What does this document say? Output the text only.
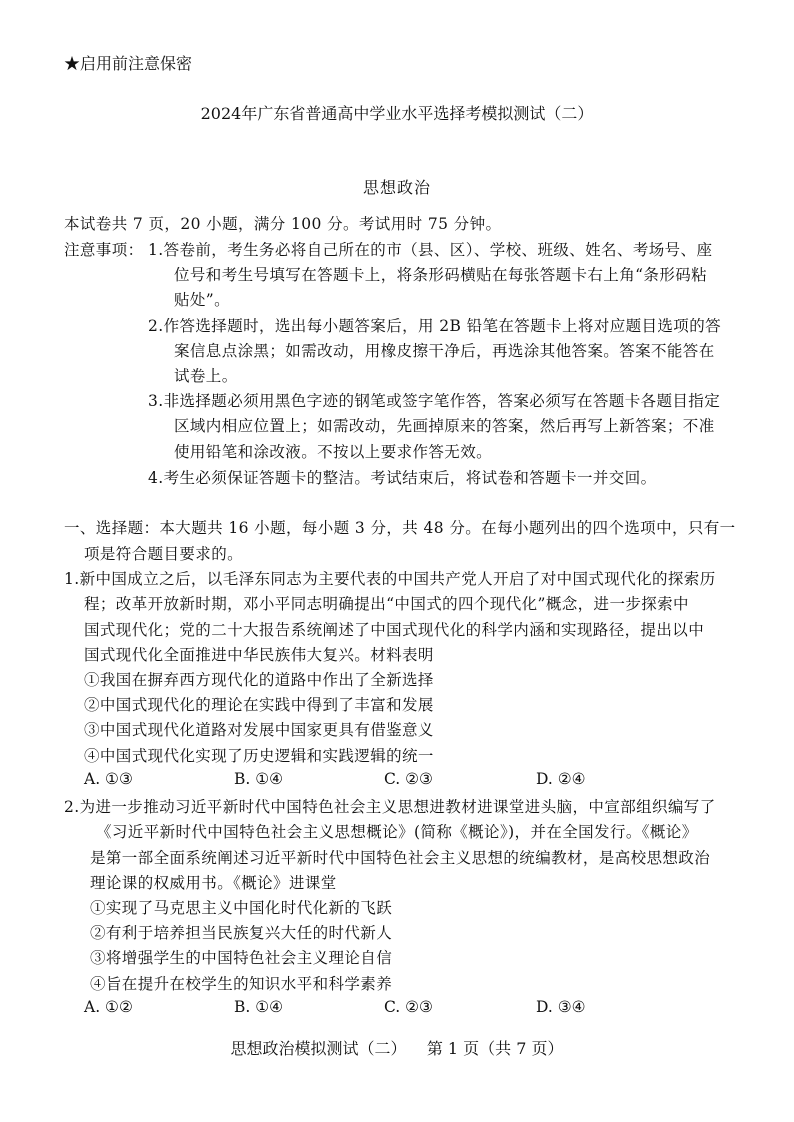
★启用前注意保密
2024年广东省普通高中学业水平选择考模拟测试（二）
思想政治
本试卷共 7 页，20 小题，满分 100 分。考试用时 75 分钟。
注意事项： 1.答卷前，考生务必将自己所在的市（县、区）、学校、班级、姓名、考场号、座
位号和考生号填写在答题卡上，将条形码横贴在每张答题卡右上角“条形码粘
贴处”。
2.作答选择题时，选出每小题答案后，用 2B 铅笔在答题卡上将对应题目选项的答
案信息点涂黑；如需改动，用橡皮擦干净后，再选涂其他答案。答案不能答在
试卷上。
3.非选择题必须用黑色字迹的钢笔或签字笔作答，答案必须写在答题卡各题目指定
区域内相应位置上；如需改动，先画掉原来的答案，然后再写上新答案；不准
使用铅笔和涂改液。不按以上要求作答无效。
4.考生必须保证答题卡的整洁。考试结束后，将试卷和答题卡一并交回。
一、选择题：本大题共 16 小题，每小题 3 分，共 48 分。在每小题列出的四个选项中，只有一
项是符合题目要求的。
1.新中国成立之后，以毛泽东同志为主要代表的中国共产党人开启了对中国式现代化的探索历
程；改革开放新时期，邓小平同志明确提出“中国式的四个现代化”概念，进一步探索中
国式现代化；党的二十大报告系统阐述了中国式现代化的科学内涵和实现路径，提出以中
国式现代化全面推进中华民族伟大复兴。材料表明
①我国在摒弃西方现代化的道路中作出了全新选择
②中国式现代化的理论在实践中得到了丰富和发展
③中国式现代化道路对发展中国家更具有借鉴意义
④中国式现代化实现了历史逻辑和实践逻辑的统一
A. ①③	B. ①④	C. ②③	D. ②④
2.为进一步推动习近平新时代中国特色社会主义思想进教材进课堂进头脑，中宣部组织编写了
《习近平新时代中国特色社会主义思想概论》(简称《概论》)，并在全国发行。《概论》
是第一部全面系统阐述习近平新时代中国特色社会主义思想的统编教材，是高校思想政治
理论课的权威用书。《概论》进课堂
①实现了马克思主义中国化时代化新的飞跃
②有利于培养担当民族复兴大任的时代新人
③将增强学生的中国特色社会主义理论自信
④旨在提升在校学生的知识水平和科学素养
A. ①②	B. ①④	C. ②③	D. ③④
思想政治模拟测试（二）    第 1 页（共 7 页）
